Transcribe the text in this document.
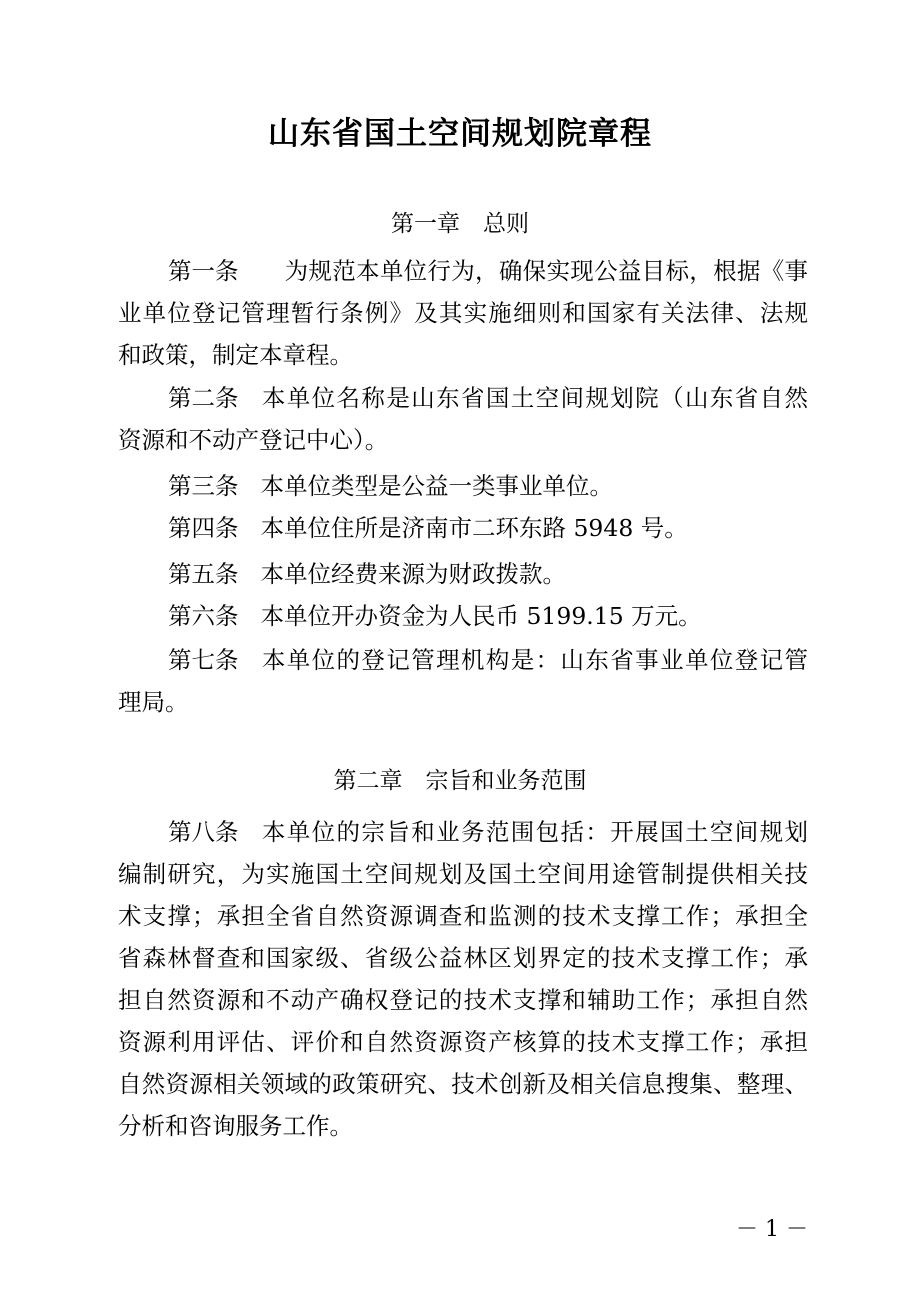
山东省国土空间规划院章程
第一章　总则
第二章　宗旨和业务范围
第一条　为规范本单位行为，确保实现公益目标，根据《事
业单位登记管理暂行条例》及其实施细则和国家有关法律、法规
和政策，制定本章程。
第二条 本单位名称是山东省国土空间规划院（山东省自然
资源和不动产登记中心）。
第三条 本单位类型是公益一类事业单位。
第四条 本单位住所是济南市二环东路 5948 号。
第五条 本单位经费来源为财政拨款。
第六条 本单位开办资金为人民币 5199.15 万元。
第七条 本单位的登记管理机构是：山东省事业单位登记管
理局。
第八条 本单位的宗旨和业务范围包括：开展国土空间规划
编制研究，为实施国土空间规划及国土空间用途管制提供相关技
术支撑；承担全省自然资源调查和监测的技术支撑工作；承担全
省森林督查和国家级、省级公益林区划界定的技术支撑工作；承
担自然资源和不动产确权登记的技术支撑和辅助工作；承担自然
资源利用评估、评价和自然资源资产核算的技术支撑工作；承担
自然资源相关领域的政策研究、技术创新及相关信息搜集、整理、
分析和咨询服务工作。
－ 1 －
